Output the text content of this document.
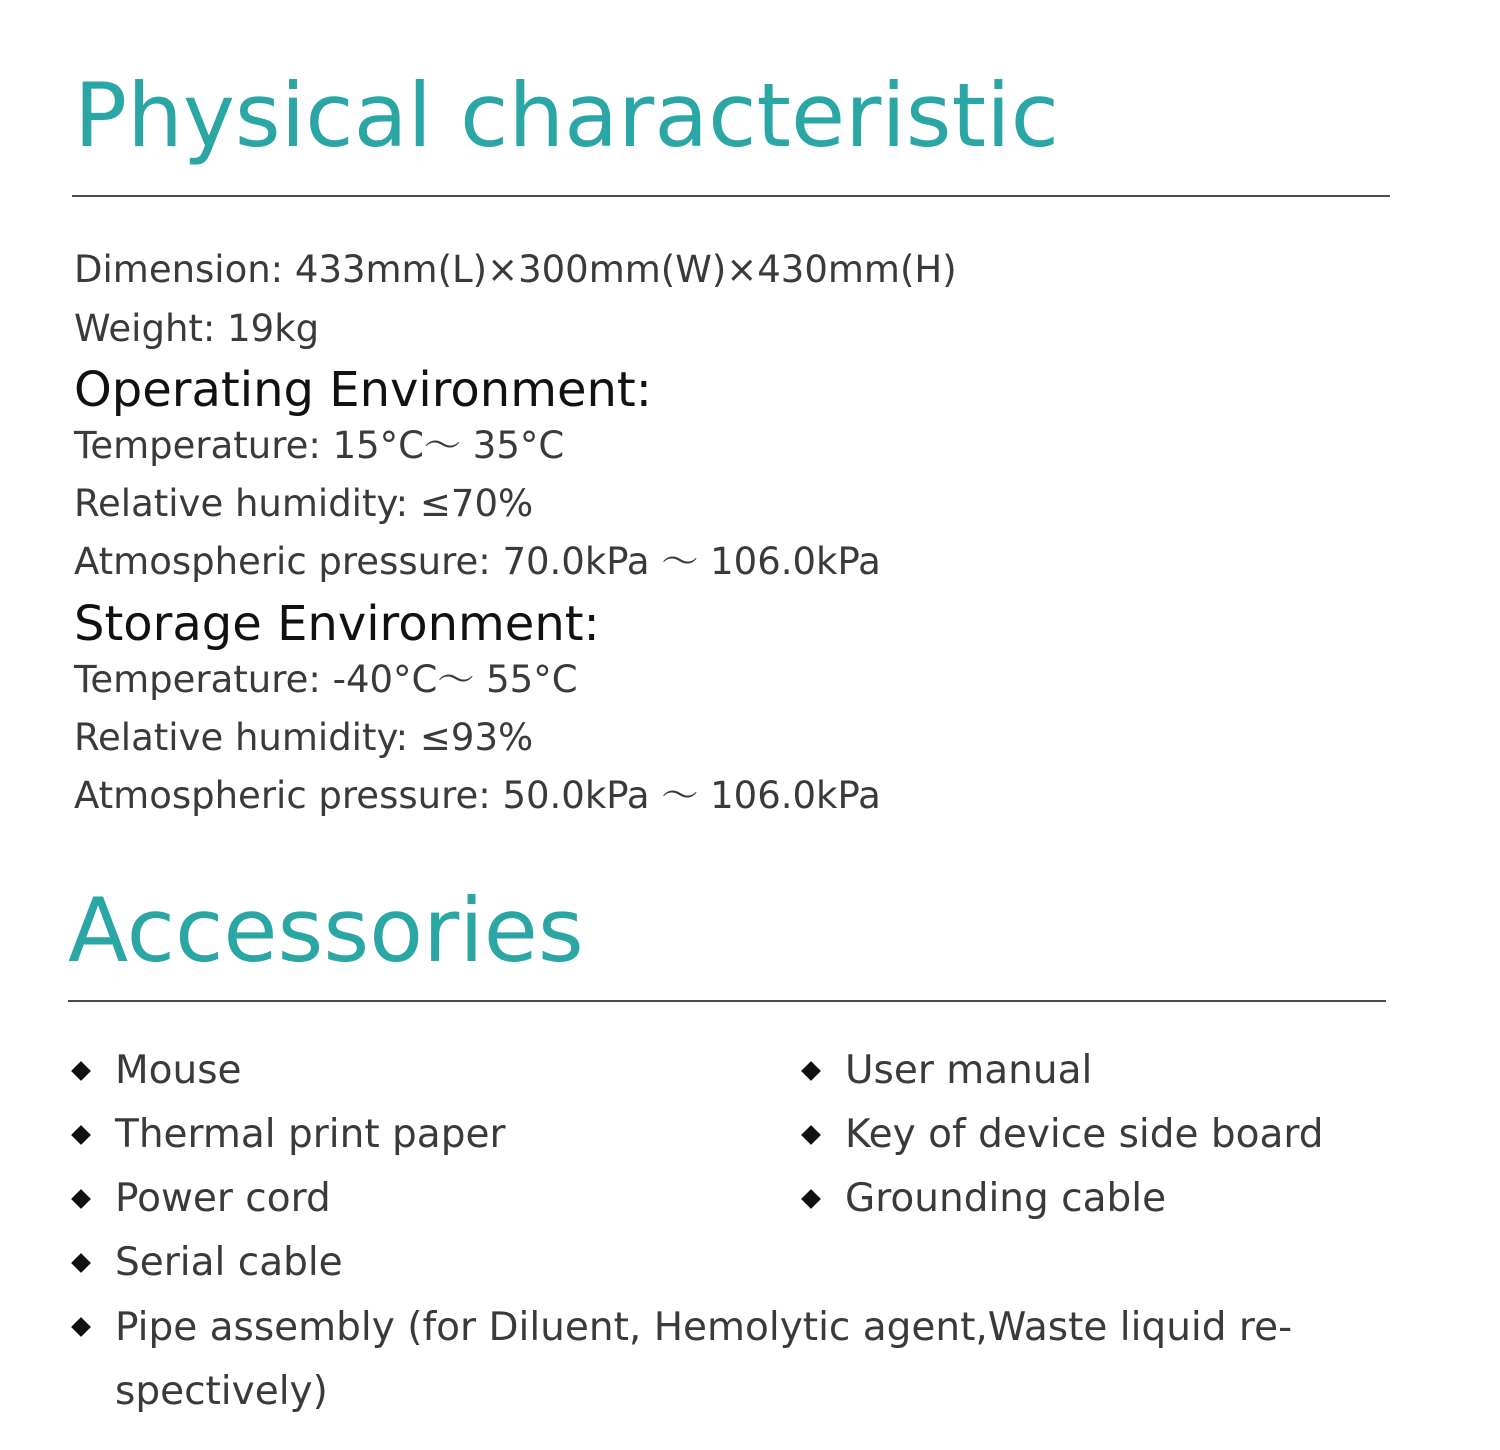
Physical characteristic
Dimension: 433mm(L)×300mm(W)×430mm(H)
Weight: 19kg
Operating Environment:
Temperature: 15°C～ 35°C
Relative humidity: ≤70%
Atmospheric pressure: 70.0kPa ～ 106.0kPa
Storage Environment:
Temperature: -40°C～ 55°C
Relative humidity: ≤93%
Atmospheric pressure: 50.0kPa ～ 106.0kPa
Accessories
Mouse
Thermal print paper
Power cord
Serial cable
Pipe assembly (for Diluent, Hemolytic agent,Waste liquid re-spectively)
User manual
Key of device side board
Grounding cable
